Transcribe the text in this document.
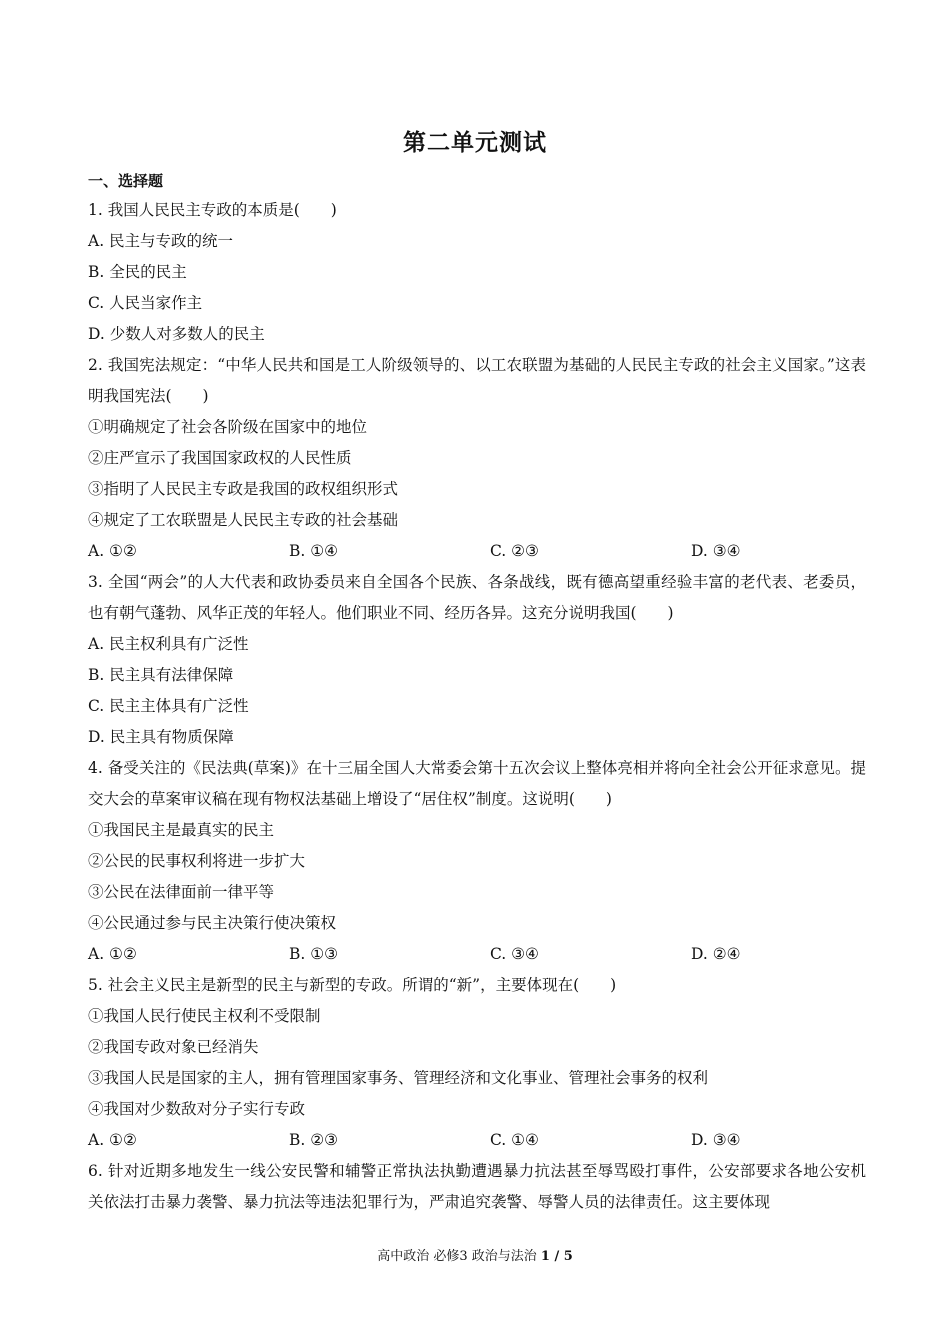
第二单元测试
一、选择题
1. 我国人民民主专政的本质是(　　)
A. 民主与专政的统一
B. 全民的民主
C. 人民当家作主
D. 少数人对多数人的民主
2. 我国宪法规定：“中华人民共和国是工人阶级领导的、以工农联盟为基础的人民民主专政的社会主义国家。”这表明我国宪法(　　)
①明确规定了社会各阶级在国家中的地位
②庄严宣示了我国国家政权的人民性质
③指明了人民民主专政是我国的政权组织形式
④规定了工农联盟是人民民主专政的社会基础
A. ①②	B. ①④	C. ②③	D. ③④
3. 全国“两会”的人大代表和政协委员来自全国各个民族、各条战线，既有德高望重经验丰富的老代表、老委员，也有朝气蓬勃、风华正茂的年轻人。他们职业不同、经历各异。这充分说明我国(　　)
A. 民主权利具有广泛性
B. 民主具有法律保障
C. 民主主体具有广泛性
D. 民主具有物质保障
4. 备受关注的《民法典(草案)》在十三届全国人大常委会第十五次会议上整体亮相并将向全社会公开征求意见。提交大会的草案审议稿在现有物权法基础上增设了“居住权”制度。这说明(　　)
①我国民主是最真实的民主
②公民的民事权利将进一步扩大
③公民在法律面前一律平等
④公民通过参与民主决策行使决策权
A. ①②	B. ①③	C. ③④	D. ②④
5. 社会主义民主是新型的民主与新型的专政。所谓的“新”，主要体现在(　　)
①我国人民行使民主权利不受限制
②我国专政对象已经消失
③我国人民是国家的主人，拥有管理国家事务、管理经济和文化事业、管理社会事务的权利
④我国对少数敌对分子实行专政
A. ①②	B. ②③	C. ①④	D. ③④
6. 针对近期多地发生一线公安民警和辅警正常执法执勤遭遇暴力抗法甚至辱骂殴打事件，公安部要求各地公安机关依法打击暴力袭警、暴力抗法等违法犯罪行为，严肃追究袭警、辱警人员的法律责任。这主要体现
高中政治 必修3 政治与法治 1 / 5
